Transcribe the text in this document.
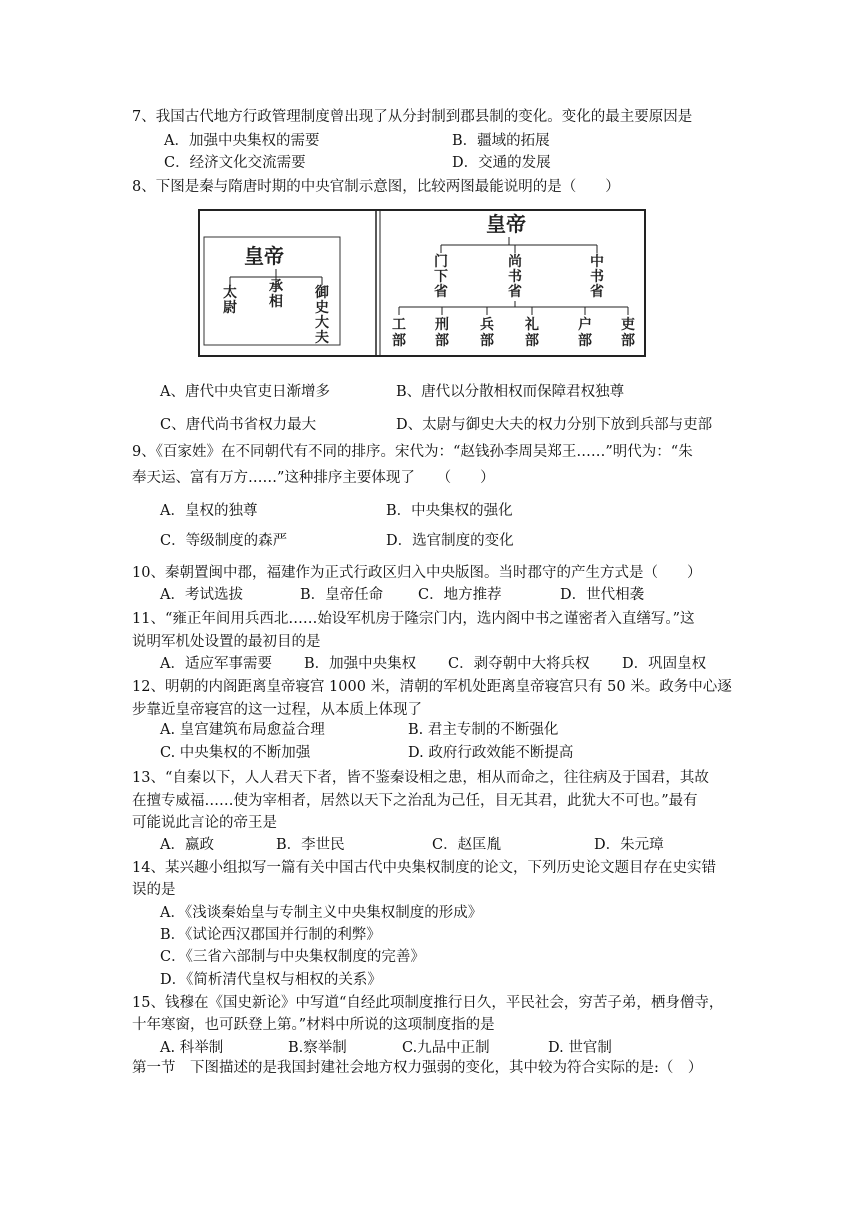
7、我国古代地方行政管理制度曾出现了从分封制到郡县制的变化。变化的最主要原因是
A．加强中央集权的需要	B．疆域的拓展
C．经济文化交流需要	D．交通的发展
8、下图是秦与隋唐时期的中央官制示意图，比较两图最能说明的是（　　）
皇帝
太尉
承相
御史大夫
皇帝
门下省
尚书省
中书省
工部
刑部
兵部
礼部
户部
吏部
A、唐代中央官吏日渐增多	B、唐代以分散相权而保障君权独尊
C、唐代尚书省权力最大	D、太尉与御史大夫的权力分别下放到兵部与吏部
9、《百家姓》在不同朝代有不同的排序。宋代为：“赵钱孙李周吴郑王……”明代为：“朱
奉天运、富有万方……”这种排序主要体现了　　（　　）
A．皇权的独尊	B．中央集权的强化
C．等级制度的森严	D．选官制度的变化
10、秦朝置闽中郡，福建作为正式行政区归入中央版图。当时郡守的产生方式是（　　）
A．考试选拔	B．皇帝任命 C．地方推荐	D．世代相袭
11、“雍正年间用兵西北……始设军机房于隆宗门内，选内阁中书之谨密者入直缮写。”这
说明军机处设置的最初目的是
A．适应军事需要 B．加强中央集权 C．剥夺朝中大将兵权 D．巩固皇权
12、明朝的内阁距离皇帝寝宫 1000 米，清朝的军机处距离皇帝寝宫只有 50 米。政务中心逐
步靠近皇帝寝宫的这一过程，从本质上体现了
A. 皇宫建筑布局愈益合理	B. 君主专制的不断强化
C. 中央集权的不断加强	D. 政府行政效能不断提高
13、“自秦以下，人人君天下者，皆不鉴秦设相之患，相从而命之，往往病及于国君，其故
在擅专威福……使为宰相者，居然以天下之治乱为己任，目无其君，此犹大不可也。”最有
可能说此言论的帝王是
A．嬴政	B．李世民	C．赵匡胤	D．朱元璋
14、某兴趣小组拟写一篇有关中国古代中央集权制度的论文，下列历史论文题目存在史实错
误的是
A．《浅谈秦始皇与专制主义中央集权制度的形成》
B．《试论西汉郡国并行制的利弊》
C．《三省六部制与中央集权制度的完善》
D．《简析清代皇权与相权的关系》
15、钱穆在《国史新论》中写道“自经此项制度推行日久，平民社会，穷苦子弟，栖身僧寺，
十年寒窗，也可跃登上第。”材料中所说的这项制度指的是
A. 科举制	B.察举制	C.九品中正制	D. 世官制
第一节　下图描述的是我国封建社会地方权力强弱的变化，其中较为符合实际的是:（　）
